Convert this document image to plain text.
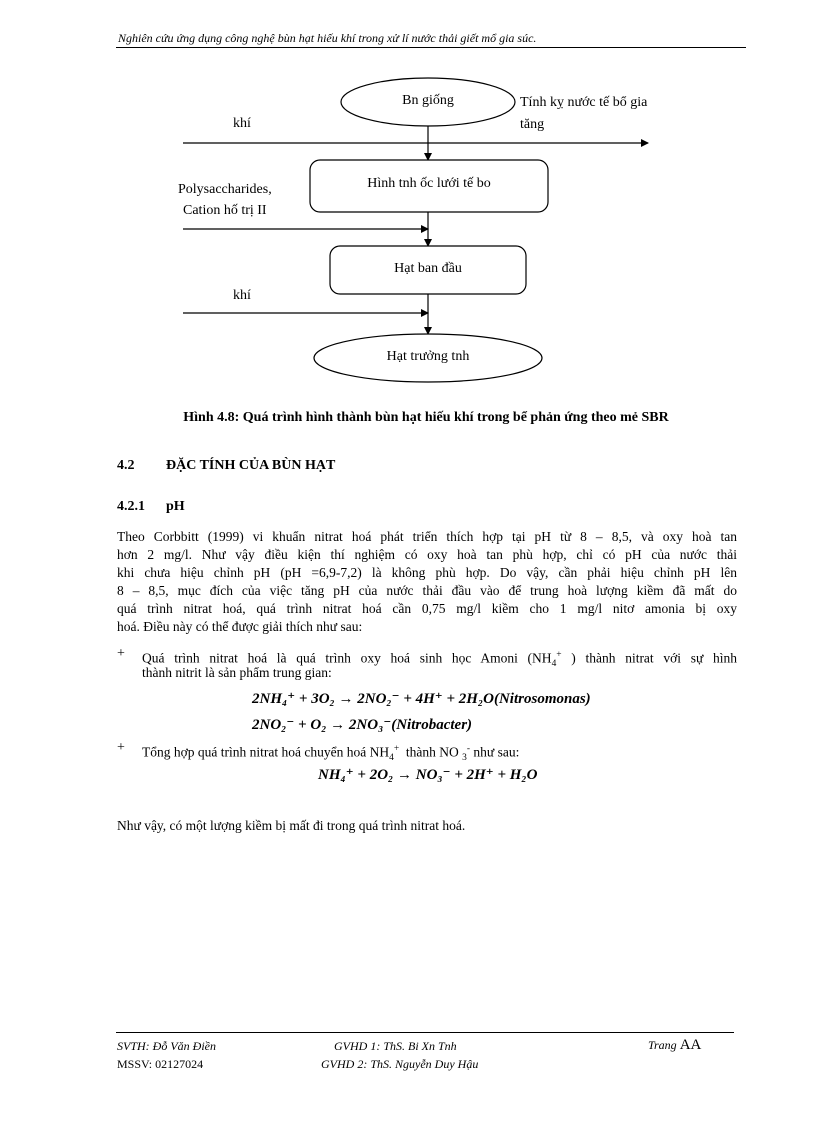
Nghiên cứu ứng dụng công nghệ bùn hạt hiếu khí trong xử lí nước thải giết mổ gia súc.
Bn giống	Tính kỵ nước tế bổ gia
tăng
khí
Hình tnh ốc lưới tế bo
Polysaccharides,
Cation hố trị II
Hạt ban đầu
khí
Hạt trưởng tnh
Hình 4.8: Quá trình hình thành bùn hạt hiếu khí trong bể phản ứng theo mẻ SBR
4.2 ĐẶC TÍNH CỦA BÙN HẠT
4.2.1 pH
Theo Corbbitt (1999) vi khuẩn nitrat hoá phát triển thích hợp tại pH từ 8 – 8,5, và oxy hoà tan
hơn 2 mg/l. Như vậy điều kiện thí nghiệm có oxy hoà tan phù hợp, chỉ có pH của nước thải
khi chưa hiệu chỉnh pH (pH =6,9-7,2) là không phù hợp. Do vậy, cần phải hiệu chỉnh pH lên
8 – 8,5, mục đích của việc tăng pH của nước thải đầu vào để trung hoà lượng kiềm đã mất do
quá trình nitrat hoá, quá trình nitrat hoá cần 0,75 mg/l kiềm cho 1 mg/l nitơ amonia bị oxy
hoá. Điều này có thể được giải thích như sau:
+ Quá trình nitrat hoá là quá trình oxy hoá sinh học Amoni ($NH_4^+$ ) thành nitrat với sự hình
thành nitrit là sản phẩm trung gian:
2NH₄⁺ + 3O₂ → 2NO₂⁻ + 4H⁺ + 2H₂O(Nitrosomonas)
2NO₂⁻ + O₂ → 2NO₃⁻(Nitrobacter)
+ Tổng hợp quá trình nitrat hoá chuyển hoá $NH_4^+$  thành NO $_3$- như sau:
NH₄⁺ + 2O₂ → NO₃⁻ + 2H⁺ + H₂O
Như vậy, có một lượng kiềm bị mất đi trong quá trình nitrat hoá.
SVTH: Đỗ Văn Điền
MSSV: 02127024
GVHD 1: ThS. Bi Xn Tnh
GVHD 2: ThS. Nguyễn Duy Hậu
Trang AA
